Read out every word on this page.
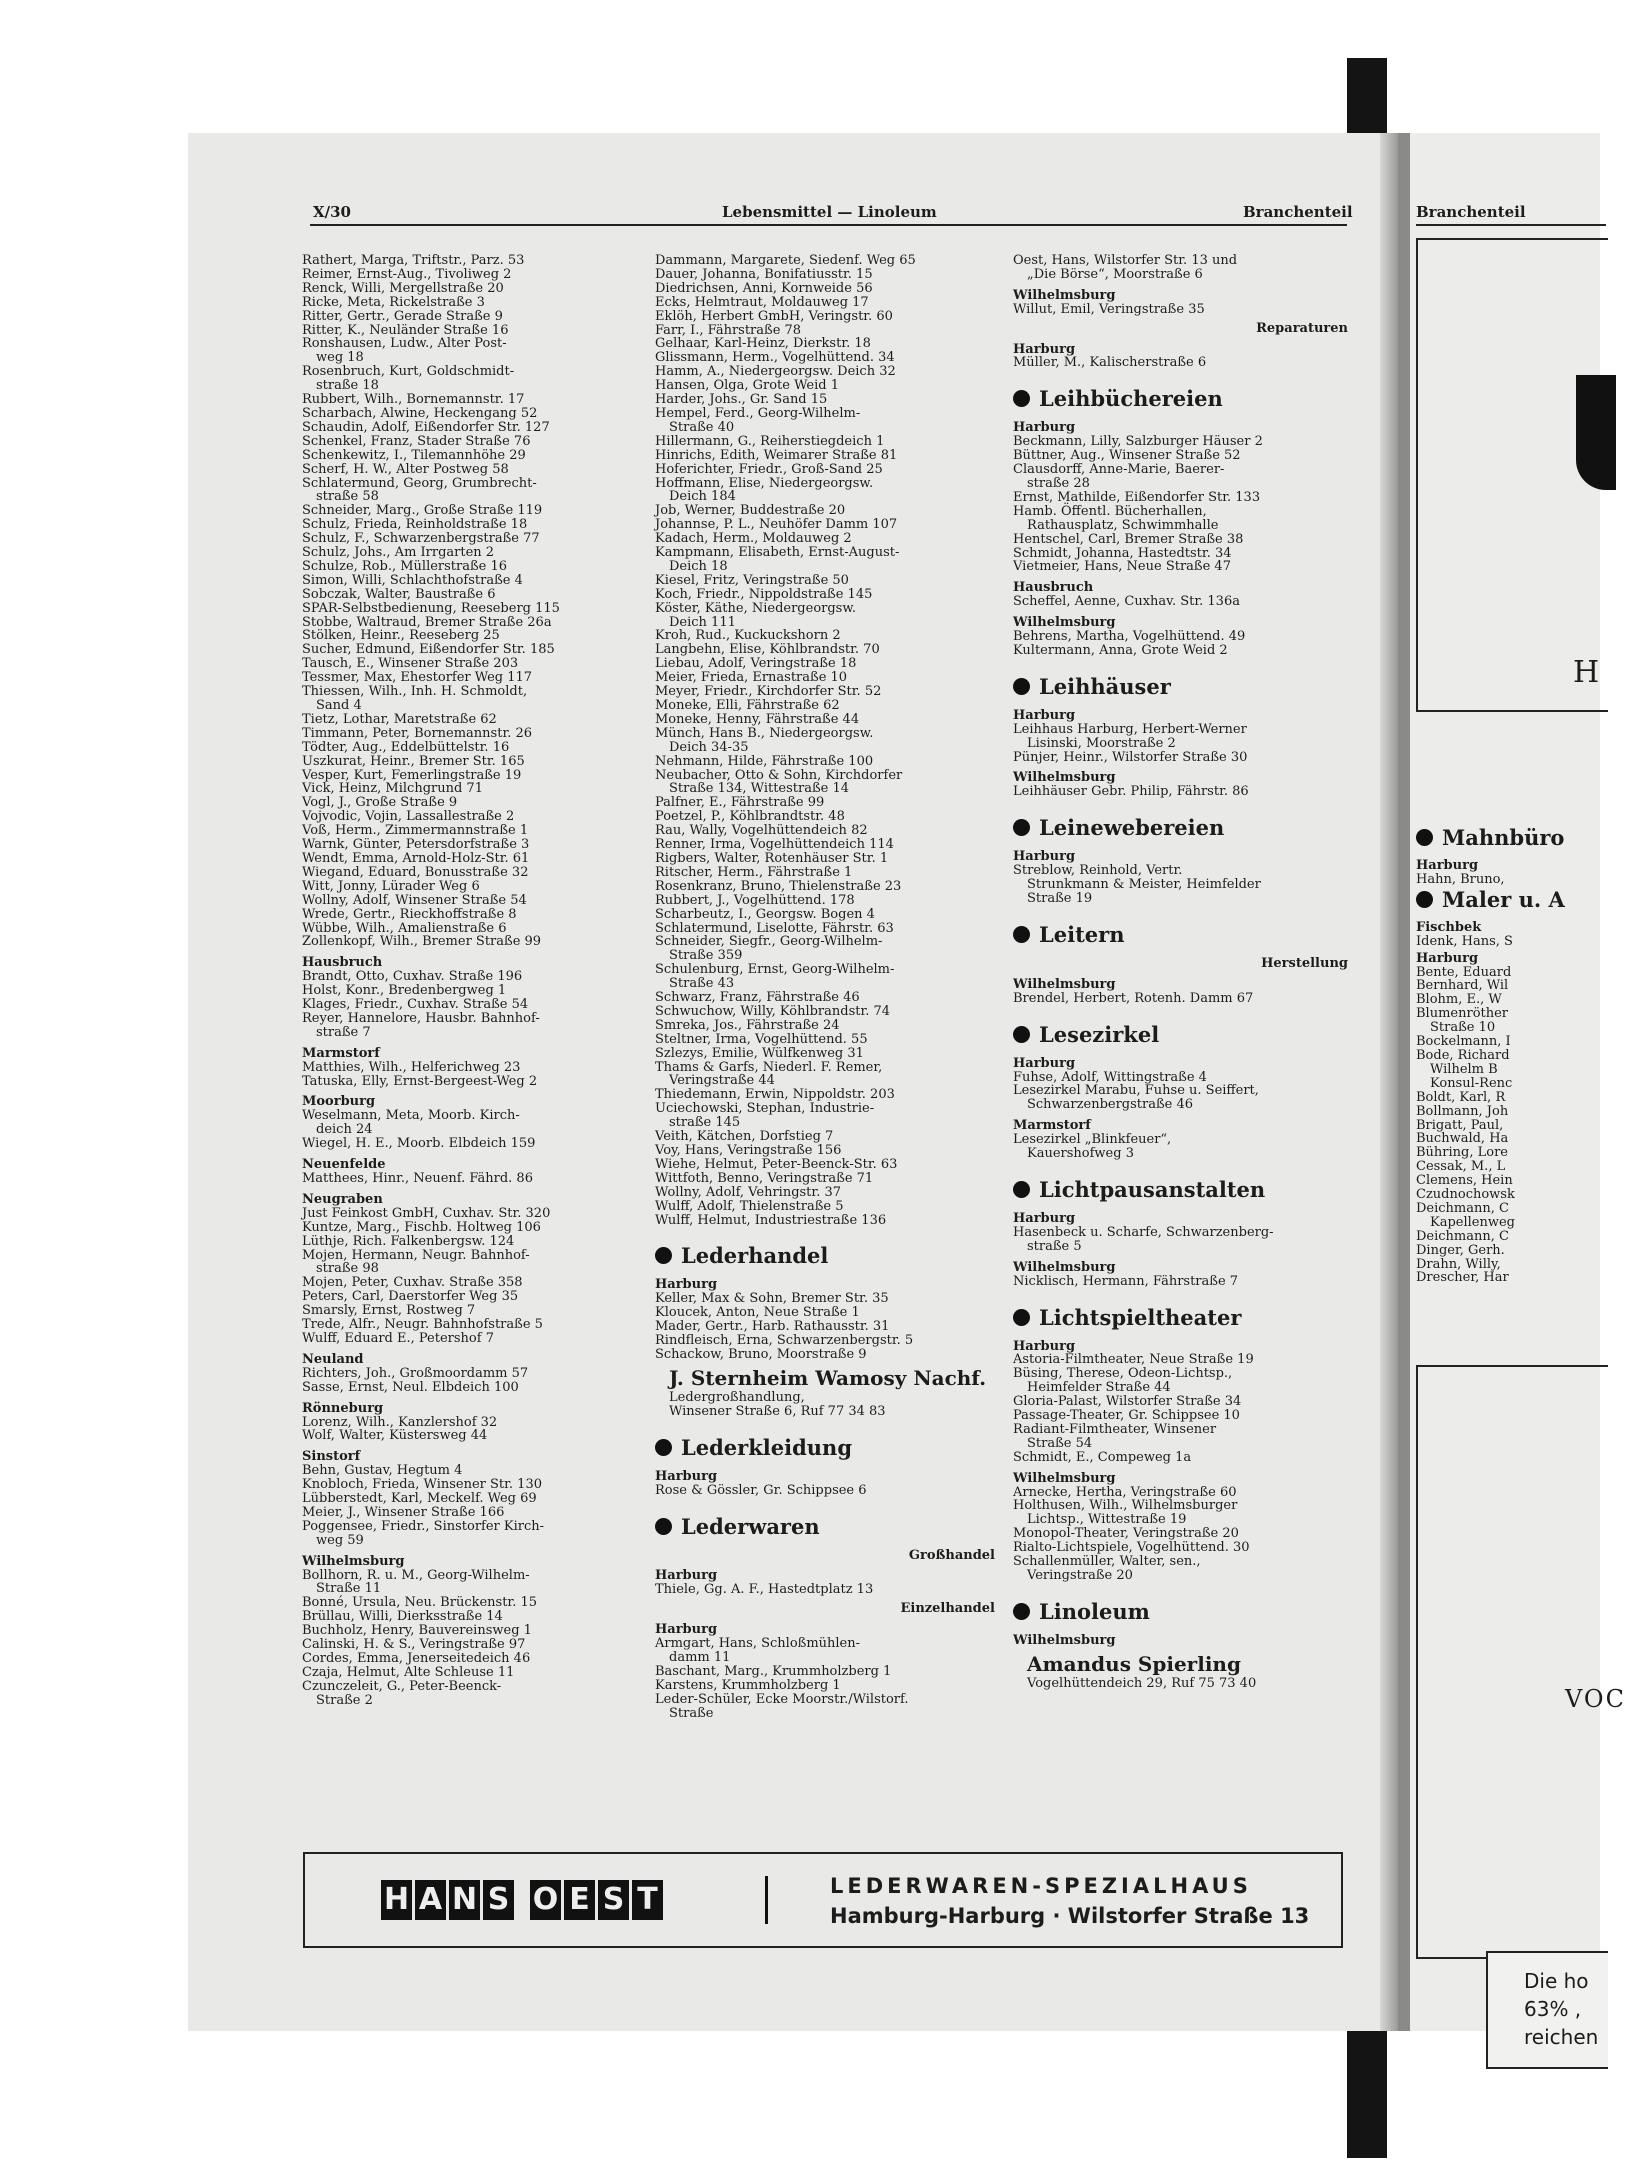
X/30	Lebensmittel — Linoleum	Branchenteil
Rathert, Marga, Triftstr., Parz. 53
Reimer, Ernst-Aug., Tivoliweg 2
Renck, Willi, Mergellstraße 20
Ricke, Meta, Rickelstraße 3
Ritter, Gertr., Gerade Straße 9
Ritter, K., Neuländer Straße 16
Ronshausen, Ludw., Alter Post-
weg 18
Rosenbruch, Kurt, Goldschmidt-
straße 18
Rubbert, Wilh., Bornemannstr. 17
Scharbach, Alwine, Heckengang 52
Schaudin, Adolf, Eißendorfer Str. 127
Schenkel, Franz, Stader Straße 76
Schenkewitz, I., Tilemannhöhe 29
Scherf, H. W., Alter Postweg 58
Schlatermund, Georg, Grumbrecht-
straße 58
Schneider, Marg., Große Straße 119
Schulz, Frieda, Reinholdstraße 18
Schulz, F., Schwarzenbergstraße 77
Schulz, Johs., Am Irrgarten 2
Schulze, Rob., Müllerstraße 16
Simon, Willi, Schlachthofstraße 4
Sobczak, Walter, Baustraße 6
SPAR-Selbstbedienung, Reeseberg 115
Stobbe, Waltraud, Bremer Straße 26a
Stölken, Heinr., Reeseberg 25
Sucher, Edmund, Eißendorfer Str. 185
Tausch, E., Winsener Straße 203
Tessmer, Max, Ehestorfer Weg 117
Thiessen, Wilh., Inh. H. Schmoldt,
Sand 4
Tietz, Lothar, Maretstraße 62
Timmann, Peter, Bornemannstr. 26
Tödter, Aug., Eddelbüttelstr. 16
Uszkurat, Heinr., Bremer Str. 165
Vesper, Kurt, Femerlingstraße 19
Vick, Heinz, Milchgrund 71
Vogl, J., Große Straße 9
Vojvodic, Vojin, Lassallestraße 2
Voß, Herm., Zimmermannstraße 1
Warnk, Günter, Petersdorfstraße 3
Wendt, Emma, Arnold-Holz-Str. 61
Wiegand, Eduard, Bonusstraße 32
Witt, Jonny, Lürader Weg 6
Wollny, Adolf, Winsener Straße 54
Wrede, Gertr., Rieckhoffstraße 8
Wübbe, Wilh., Amalienstraße 6
Zollenkopf, Wilh., Bremer Straße 99
Hausbruch
Brandt, Otto, Cuxhav. Straße 196
Holst, Konr., Bredenbergweg 1
Klages, Friedr., Cuxhav. Straße 54
Reyer, Hannelore, Hausbr. Bahnhof-
straße 7
Marmstorf
Matthies, Wilh., Helferichweg 23
Tatuska, Elly, Ernst-Bergeest-Weg 2
Moorburg
Weselmann, Meta, Moorb. Kirch-
deich 24
Wiegel, H. E., Moorb. Elbdeich 159
Neuenfelde
Matthees, Hinr., Neuenf. Fährd. 86
Neugraben
Just Feinkost GmbH, Cuxhav. Str. 320
Kuntze, Marg., Fischb. Holtweg 106
Lüthje, Rich. Falkenbergsw. 124
Mojen, Hermann, Neugr. Bahnhof-
straße 98
Mojen, Peter, Cuxhav. Straße 358
Peters, Carl, Daerstorfer Weg 35
Smarsly, Ernst, Rostweg 7
Trede, Alfr., Neugr. Bahnhofstraße 5
Wulff, Eduard E., Petershof 7
Neuland
Richters, Joh., Großmoordamm 57
Sasse, Ernst, Neul. Elbdeich 100
Rönneburg
Lorenz, Wilh., Kanzlershof 32
Wolf, Walter, Küstersweg 44
Sinstorf
Behn, Gustav, Hegtum 4
Knobloch, Frieda, Winsener Str. 130
Lübberstedt, Karl, Meckelf. Weg 69
Meier, J., Winsener Straße 166
Poggensee, Friedr., Sinstorfer Kirch-
weg 59
Wilhelmsburg
Bollhorn, R. u. M., Georg-Wilhelm-
Straße 11
Bonné, Ursula, Neu. Brückenstr. 15
Brüllau, Willi, Dierksstraße 14
Buchholz, Henry, Bauvereinsweg 1
Calinski, H. & S., Veringstraße 97
Cordes, Emma, Jenerseitedeich 46
Czaja, Helmut, Alte Schleuse 11
Czunczeleit, G., Peter-Beenck-
Straße 2
Dammann, Margarete, Siedenf. Weg 65
Dauer, Johanna, Bonifatiusstr. 15
Diedrichsen, Anni, Kornweide 56
Ecks, Helmtraut, Moldauweg 17
Eklöh, Herbert GmbH, Veringstr. 60
Farr, I., Fährstraße 78
Gelhaar, Karl-Heinz, Dierkstr. 18
Glissmann, Herm., Vogelhüttend. 34
Hamm, A., Niedergeorgsw. Deich 32
Hansen, Olga, Grote Weid 1
Harder, Johs., Gr. Sand 15
Hempel, Ferd., Georg-Wilhelm-
Straße 40
Hillermann, G., Reiherstiegdeich 1
Hinrichs, Edith, Weimarer Straße 81
Hoferichter, Friedr., Groß-Sand 25
Hoffmann, Elise, Niedergeorgsw.
Deich 184
Job, Werner, Buddestraße 20
Johannse, P. L., Neuhöfer Damm 107
Kadach, Herm., Moldauweg 2
Kampmann, Elisabeth, Ernst-August-
Deich 18
Kiesel, Fritz, Veringstraße 50
Koch, Friedr., Nippoldstraße 145
Köster, Käthe, Niedergeorgsw.
Deich 111
Kroh, Rud., Kuckuckshorn 2
Langbehn, Elise, Köhlbrandstr. 70
Liebau, Adolf, Veringstraße 18
Meier, Frieda, Ernastraße 10
Meyer, Friedr., Kirchdorfer Str. 52
Moneke, Elli, Fährstraße 62
Moneke, Henny, Fährstraße 44
Münch, Hans B., Niedergeorgsw.
Deich 34-35
Nehmann, Hilde, Fährstraße 100
Neubacher, Otto & Sohn, Kirchdorfer
Straße 134, Wittestraße 14
Palfner, E., Fährstraße 99
Poetzel, P., Köhlbrandtstr. 48
Rau, Wally, Vogelhüttendeich 82
Renner, Irma, Vogelhüttendeich 114
Rigbers, Walter, Rotenhäuser Str. 1
Ritscher, Herm., Fährstraße 1
Rosenkranz, Bruno, Thielenstraße 23
Rubbert, J., Vogelhüttend. 178
Scharbeutz, I., Georgsw. Bogen 4
Schlatermund, Liselotte, Fährstr. 63
Schneider, Siegfr., Georg-Wilhelm-
Straße 359
Schulenburg, Ernst, Georg-Wilhelm-
Straße 43
Schwarz, Franz, Fährstraße 46
Schwuchow, Willy, Köhlbrandstr. 74
Smreka, Jos., Fährstraße 24
Steltner, Irma, Vogelhüttend. 55
Szlezys, Emilie, Wülfkenweg 31
Thams & Garfs, Niederl. F. Remer,
Veringstraße 44
Thiedemann, Erwin, Nippoldstr. 203
Uciechowski, Stephan, Industrie-
straße 145
Veith, Kätchen, Dorfstieg 7
Voy, Hans, Veringstraße 156
Wiehe, Helmut, Peter-Beenck-Str. 63
Wittfoth, Benno, Veringstraße 71
Wollny, Adolf, Vehringstr. 37
Wulff, Adolf, Thielenstraße 5
Wulff, Helmut, Industriestraße 136
Lederhandel
Harburg
Keller, Max & Sohn, Bremer Str. 35
Kloucek, Anton, Neue Straße 1
Mader, Gertr., Harb. Rathausstr. 31
Rindfleisch, Erna, Schwarzenbergstr. 5
Schackow, Bruno, Moorstraße 9
J. Sternheim Wamosy Nachf.
Ledergroßhandlung,
Winsener Straße 6, Ruf 77 34 83
Lederkleidung
Harburg
Rose & Gössler, Gr. Schippsee 6
Lederwaren
Großhandel
Harburg
Thiele, Gg. A. F., Hastedtplatz 13
Einzelhandel
Harburg
Armgart, Hans, Schloßmühlen-
damm 11
Baschant, Marg., Krummholzberg 1
Karstens, Krummholzberg 1
Leder-Schüler, Ecke Moorstr./Wilstorf.
Straße
Oest, Hans, Wilstorfer Str. 13 und
„Die Börse“, Moorstraße 6
Wilhelmsburg
Willut, Emil, Veringstraße 35
Reparaturen
Harburg
Müller, M., Kalischerstraße 6
Leihbüchereien
Harburg
Beckmann, Lilly, Salzburger Häuser 2
Büttner, Aug., Winsener Straße 52
Clausdorff, Anne-Marie, Baerer-
straße 28
Ernst, Mathilde, Eißendorfer Str. 133
Hamb. Öffentl. Bücherhallen,
Rathausplatz, Schwimmhalle
Hentschel, Carl, Bremer Straße 38
Schmidt, Johanna, Hastedtstr. 34
Vietmeier, Hans, Neue Straße 47
Hausbruch
Scheffel, Aenne, Cuxhav. Str. 136a
Wilhelmsburg
Behrens, Martha, Vogelhüttend. 49
Kultermann, Anna, Grote Weid 2
Leihhäuser
Harburg
Leihhaus Harburg, Herbert-Werner
Lisinski, Moorstraße 2
Pünjer, Heinr., Wilstorfer Straße 30
Wilhelmsburg
Leihhäuser Gebr. Philip, Fährstr. 86
Leinewebereien
Harburg
Streblow, Reinhold, Vertr.
Strunkmann & Meister, Heimfelder
Straße 19
Leitern
Herstellung
Wilhelmsburg
Brendel, Herbert, Rotenh. Damm 67
Lesezirkel
Harburg
Fuhse, Adolf, Wittingstraße 4
Lesezirkel Marabu, Fuhse u. Seiffert,
Schwarzenbergstraße 46
Marmstorf
Lesezirkel „Blinkfeuer“,
Kauershofweg 3
Lichtpausanstalten
Harburg
Hasenbeck u. Scharfe, Schwarzenberg-
straße 5
Wilhelmsburg
Nicklisch, Hermann, Fährstraße 7
Lichtspieltheater
Harburg
Astoria-Filmtheater, Neue Straße 19
Büsing, Therese, Odeon-Lichtsp.,
Heimfelder Straße 44
Gloria-Palast, Wilstorfer Straße 34
Passage-Theater, Gr. Schippsee 10
Radiant-Filmtheater, Winsener
Straße 54
Schmidt, E., Compeweg 1a
Wilhelmsburg
Arnecke, Hertha, Veringstraße 60
Holthusen, Wilh., Wilhelmsburger
Lichtsp., Wittestraße 19
Monopol-Theater, Veringstraße 20
Rialto-Lichtspiele, Vogelhüttend. 30
Schallenmüller, Walter, sen.,
Veringstraße 20
Linoleum
Wilhelmsburg
Amandus Spierling
Vogelhüttendeich 29, Ruf 75 73 40
H A N S O E S T	LEDERWAREN-SPEZIALHAUS
Hamburg-Harburg · Wilstorfer Straße 13
Branchenteil
H
Mahnbüro
Harburg
Hahn, Bruno,
Maler u. A
Fischbek
Idenk, Hans, S
Harburg
Bente, Eduard
Bernhard, Wil
Blohm, E., W
Blumenröther
Straße 10
Bockelmann, I
Bode, Richard
Wilhelm B
Konsul-Renc
Boldt, Karl, R
Bollmann, Joh
Brigatt, Paul,
Buchwald, Ha
Bühring, Lore
Cessak, M., L
Clemens, Hein
Czudnochowsk
Deichmann, C
Kapellenweg
Deichmann, C
Dinger, Gerh.
Drahn, Willy,
Drescher, Har
VOC
Die ho
63% ,
reichen
